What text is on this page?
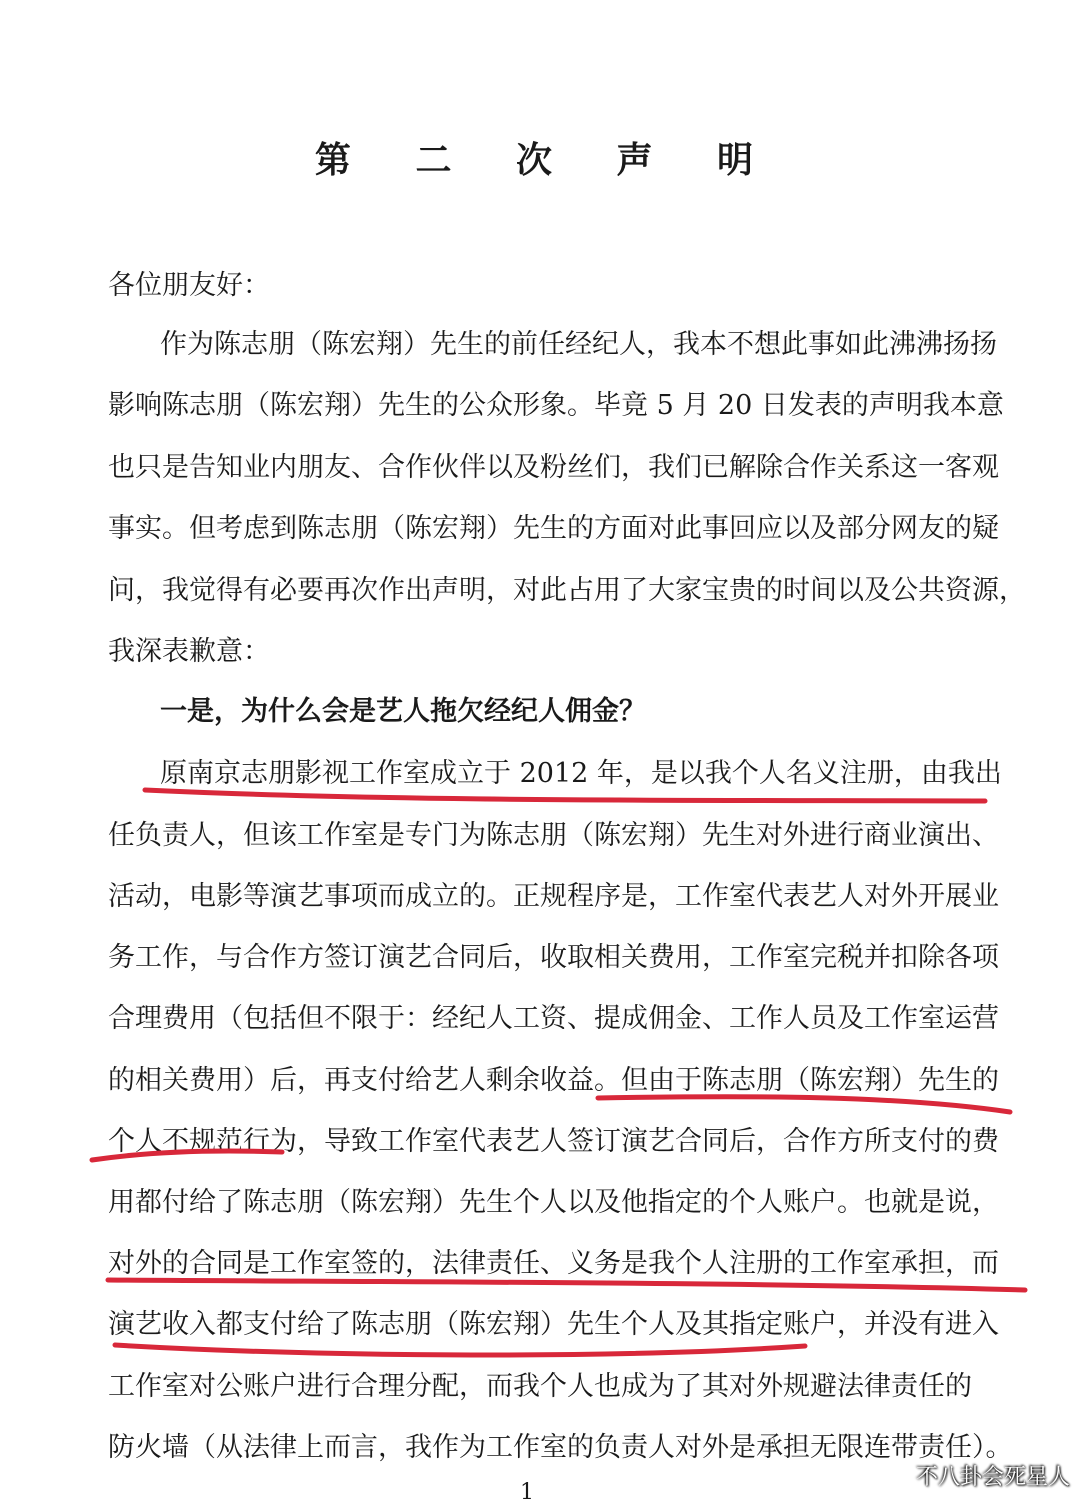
第 二 次 声 明
各位朋友好：
作为陈志朋（陈宏翔）先生的前任经纪人，我本不想此事如此沸沸扬扬
影响陈志朋（陈宏翔）先生的公众形象。毕竟 5 月 20 日发表的声明我本意
也只是告知业内朋友、合作伙伴以及粉丝们，我们已解除合作关系这一客观
事实。但考虑到陈志朋（陈宏翔）先生的方面对此事回应以及部分网友的疑
问，我觉得有必要再次作出声明，对此占用了大家宝贵的时间以及公共资源，
我深表歉意：
一是，为什么会是艺人拖欠经纪人佣金？
原南京志朋影视工作室成立于 2012 年，是以我个人名义注册，由我出
任负责人，但该工作室是专门为陈志朋（陈宏翔）先生对外进行商业演出、
活动，电影等演艺事项而成立的。正规程序是，工作室代表艺人对外开展业
务工作，与合作方签订演艺合同后，收取相关费用，工作室完税并扣除各项
合理费用（包括但不限于：经纪人工资、提成佣金、工作人员及工作室运营
的相关费用）后，再支付给艺人剩余收益。但由于陈志朋（陈宏翔）先生的
个人不规范行为，导致工作室代表艺人签订演艺合同后，合作方所支付的费
用都付给了陈志朋（陈宏翔）先生个人以及他指定的个人账户。也就是说，
对外的合同是工作室签的，法律责任、义务是我个人注册的工作室承担，而
演艺收入都支付给了陈志朋（陈宏翔）先生个人及其指定账户，并没有进入
工作室对公账户进行合理分配，而我个人也成为了其对外规避法律责任的
防火墙（从法律上而言，我作为工作室的负责人对外是承担无限连带责任）。
1
不八卦会死星人
